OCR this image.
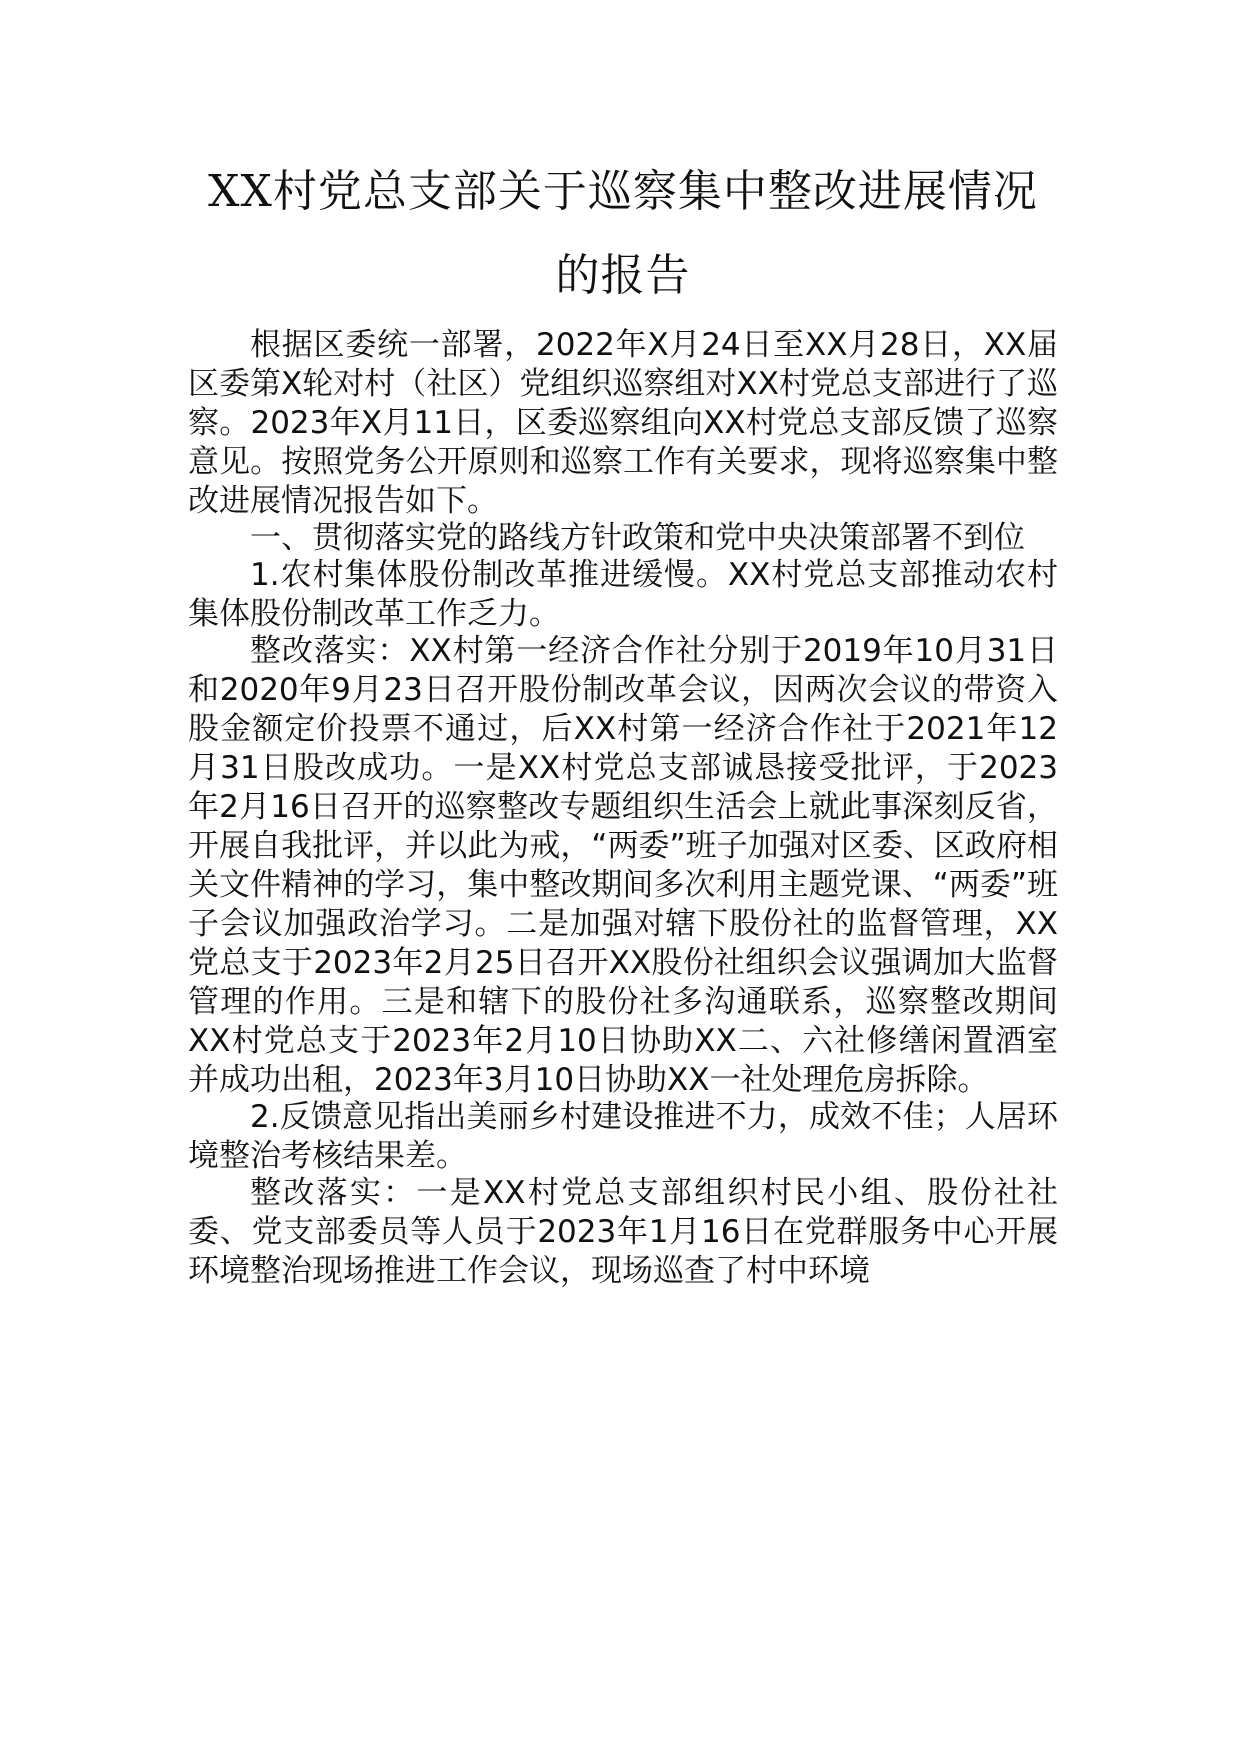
XX村党总支部关于巡察集中整改进展情况的报告

根据区委统一部署，2022年X月24日至XX月28日，XX届区委第X轮对村（社区）党组织巡察组对XX村党总支部进行了巡察。2023年X月11日，区委巡察组向XX村党总支部反馈了巡察意见。按照党务公开原则和巡察工作有关要求，现将巡察集中整改进展情况报告如下。

一、贯彻落实党的路线方针政策和党中央决策部署不到位

1.农村集体股份制改革推进缓慢。XX村党总支部推动农村集体股份制改革工作乏力。

整改落实：XX村第一经济合作社分别于2019年10月31日和2020年9月23日召开股份制改革会议，因两次会议的带资入股金额定价投票不通过，后XX村第一经济合作社于2021年12月31日股改成功。一是XX村党总支部诚恳接受批评，于2023年2月16日召开的巡察整改专题组织生活会上就此事深刻反省，开展自我批评，并以此为戒，“两委”班子加强对区委、区政府相关文件精神的学习，集中整改期间多次利用主题党课、“两委”班子会议加强政治学习。二是加强对辖下股份社的监督管理，XX党总支于2023年2月25日召开XX股份社组织会议强调加大监督管理的作用。三是和辖下的股份社多沟通联系，巡察整改期间XX村党总支于2023年2月10日协助XX二、六社修缮闲置酒室并成功出租，2023年3月10日协助XX一社处理危房拆除。

2.反馈意见指出美丽乡村建设推进不力，成效不佳；人居环境整治考核结果差。

整改落实：一是XX村党总支部组织村民小组、股份社社委、党支部委员等人员于2023年1月16日在党群服务中心开展环境整治现场推进工作会议，现场巡查了村中环境
